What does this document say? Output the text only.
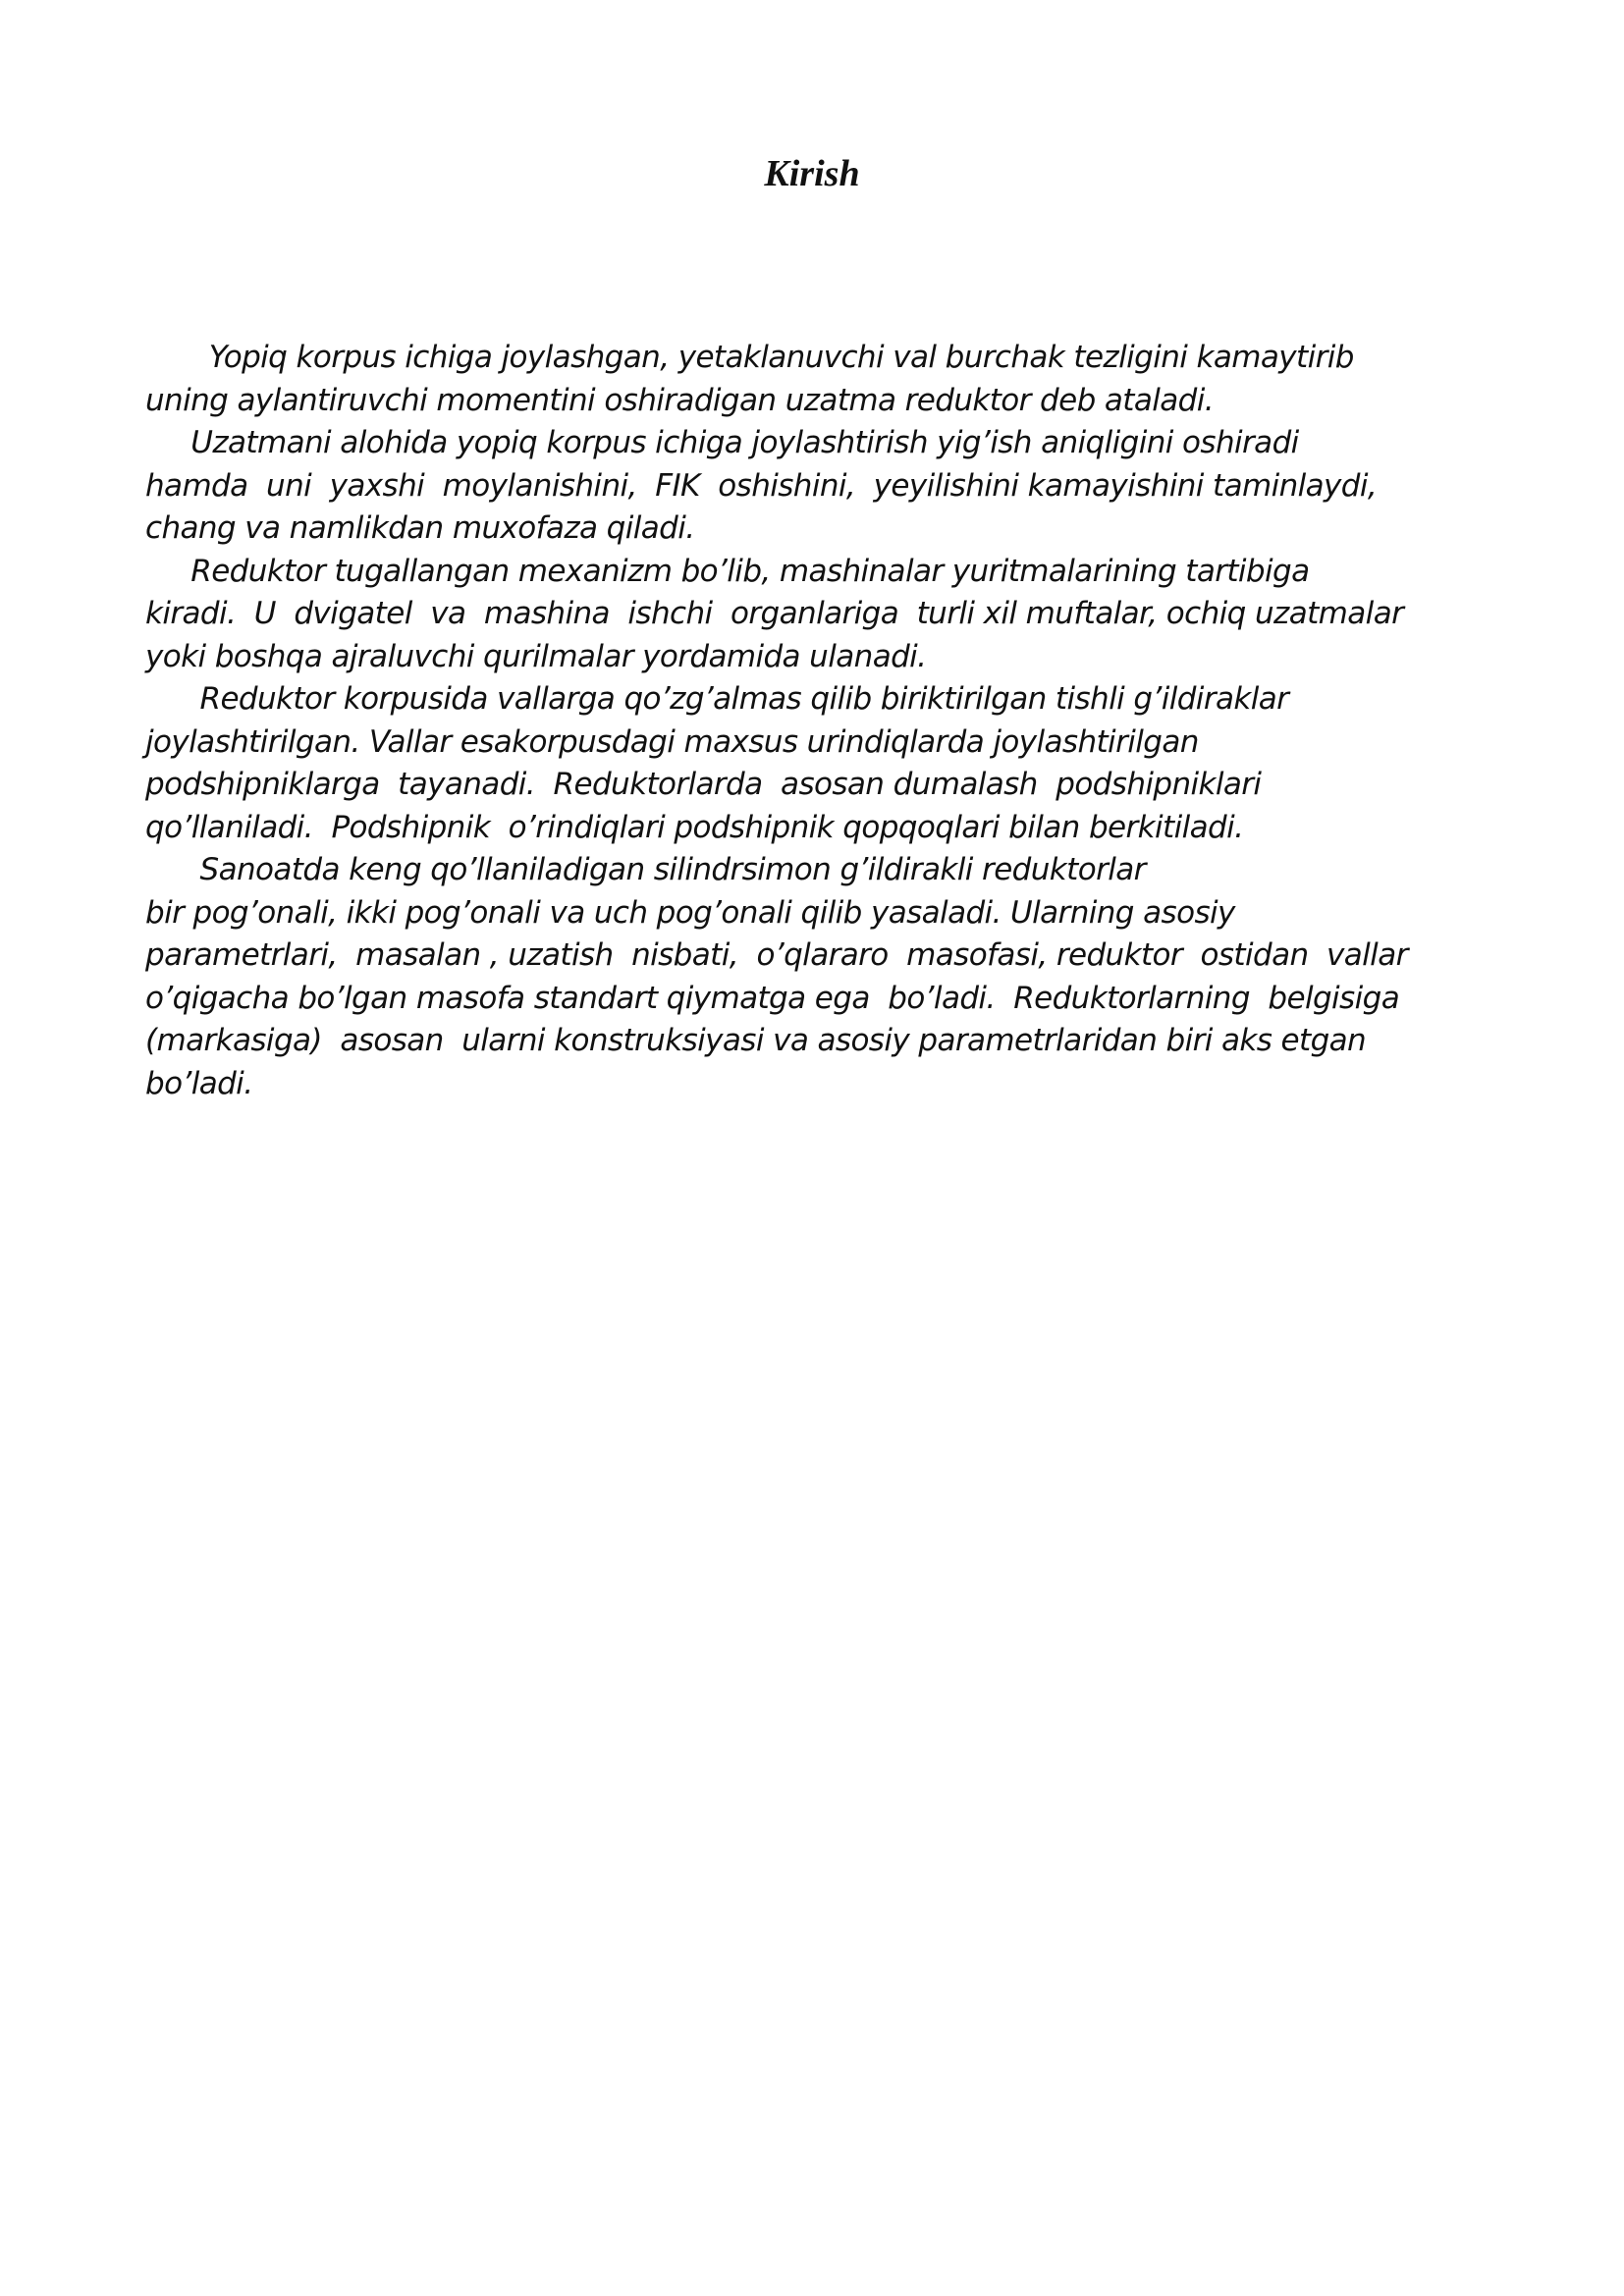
Kirish
Yopiq korpus ichiga joylashgan, yetaklanuvchi val burchak tezligini kamaytirib
uning aylantiruvchi momentini oshiradigan uzatma reduktor deb ataladi.
Uzatmani alohida yopiq korpus ichiga joylashtirish yig’ish aniqligini oshiradi
hamda  uni  yaxshi  moylanishini,  FIK  oshishini,  yeyilishini kamayishini taminlaydi,
chang va namlikdan muxofaza qiladi.
Reduktor tugallangan mexanizm bo’lib, mashinalar yuritmalarining tartibiga
kiradi.  U  dvigatel  va  mashina  ishchi  organlariga  turli xil muftalar, ochiq uzatmalar
yoki boshqa ajraluvchi qurilmalar yordamida ulanadi.
Reduktor korpusida vallarga qo’zg’almas qilib biriktirilgan tishli g’ildiraklar
joylashtirilgan. Vallar esakorpusdagi maxsus urindiqlarda joylashtirilgan
podshipniklarga  tayanadi.  Reduktorlarda  asosan dumalash  podshipniklari
qo’llaniladi.  Podshipnik  o’rindiqlari podshipnik qopqoqlari bilan berkitiladi.
Sanoatda keng qo’llaniladigan silindrsimon g’ildirakli reduktorlar
bir pog’onali, ikki pog’onali va uch pog’onali qilib yasaladi. Ularning asosiy
parametrlari,  masalan , uzatish  nisbati,  o’qlararo  masofasi, reduktor  ostidan  vallar
o’qigacha bo’lgan masofa standart qiymatga ega  bo’ladi.  Reduktorlarning  belgisiga
(markasiga)  asosan  ularni konstruksiyasi va asosiy parametrlaridan biri aks etgan
bo’ladi.
